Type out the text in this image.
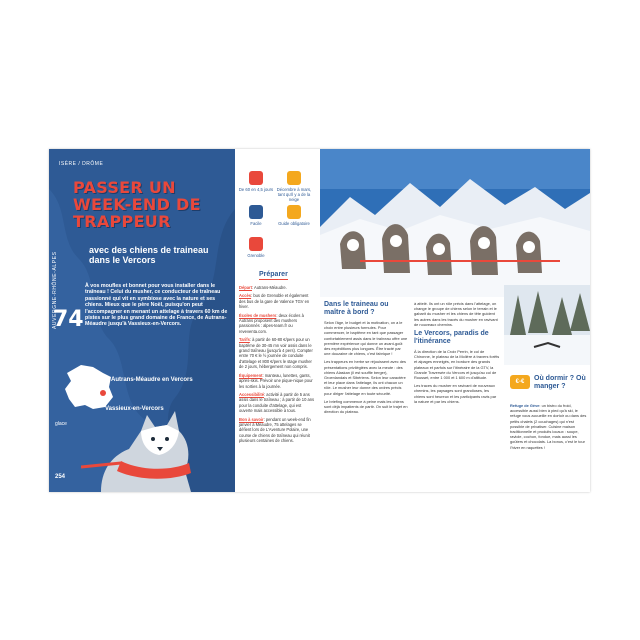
ISÈRE / DRÔME
AUVERGNE-RHÔNE-ALPES
PASSER UN WEEK-END DE TRAPPEUR
avec des chiens de traineau dans le Vercors
À vos moufles et bonnet pour vous installer dans le traîneau ! Celui du musher, ce conducteur de traîneau passionné qui vit en symbiose avec la nature et ses chiens. Mieux que le père Noël, puisqu'on peut l'accompagner en menant un attelage à travers 60 km de pistes sur le plus grand domaine de France, de Autrans-Méaudre jusqu'à Vassieux-en-Vercors.
74
Autrans-Méaudre en Vercors
Vassieux-en-Vercors
glace
254
De 60 en 4,5 jours Décembre à mars, tant qu'il y a de la neige
Facile	Guide obligatoire
Grenoble
Préparer

Départ: Autrans-Méaudre.

Accès: bus de Grenoble et également des bus de la gare de Valence TGV en hiver.

Écoles de mushers: deux écoles à Autrans proposent des mushers passionnés : alpes-team.fr ou reveventa.com.

Tarifs: à partir de 60-80 €/pers pour un baptême de 30-45 mn voir assis dans le grand traîneau (jusqu'à 4 pers). Compter entre 70 € le ½ journée de conduite d'attelage et 800 €/pers le stage musher de 2 jours, hébergement non compris.

Équipement: manteau, lunettes, gants, après-skis. Prévoir une pique-nique pour les sorties à la journée.

Accessibilité: activité à partir de 5 ans assis dans le traîneau ; à partir de 10 ans pour la conduite d'attelage, qui est ouverte mais accessible à tous.

Bon à savoir: pendant un week-end fin janvier à Méaudre, 75 attelages se défient lors de L'Aventure Polaire, une course de chiens de traîneau qui réunit plusieurs centaines de chiens.

Dans le traineau ou maître à bord ?

Selon l'âge, le budget et la motivation, on a le choix entre plusieurs formules. Pour commencer, le baptême en tant que passager confortablement assis dans le traîneau offre une première expérience qui donne un avant-goût des expéditions plus longues. Être tracté par une douzaine de chiens, c'est fabrique !

Les trappeurs en herbe se réjouissent avec des présentations privilégiées avec la meute : des chiens Alaskan (il est souffle berger), Groenlandais et Sibériens. Selon leur caractère et leur place dans l'attelage, ils ont chacun un rôle. Le musher leur donne des ordres précis pour diriger l'attelage en toute sécurité.

Le briefing commence à peine mais les chiens sont déjà impatients de partir. On suit le trajet en direction du plateau.

à attelé. Ils ont un rôle précis dans l'attelage, on change le groupe de chiens selon le terrain et le gabarit du musher et les chiens de tête guident les autres dans les tracés du musher en ravivant de nouveaux chemins.

Le Vercors, paradis de l'itinérance

À la direction de la Croix Perrin, le col de Chironne, le plateau de la Molière à travers forêts et alpages enneigés, en bordure des grands plateaux et parfois sur l'itinéraire de la GTV, la Grande Traversée du Vercors et jusqu'au col de Rousset, entre 1 000 et 1 600 m d'altitude.

Les traces du musher en ravivant de nouveaux chemins, les paysages sont grandioses, les chiens sont heureux et les participants ravis par la nature et par les chiens.

€-€	Où dormir ? Où manger ?
Refuge de Gève: un bistro du froid, accessible aussi bien à pied qu'à ski, le refuge vous accueille en dortoir ou dans des petits chalets (2 couchages) qui n'est possible de privatiser. Cuisine maison traditionnelle et produits locaux : soupe, raviole, cochon, fondue, mais aussi les goûters et chocolats. La bonus, c'est le tour l'hiver en raquettes !
